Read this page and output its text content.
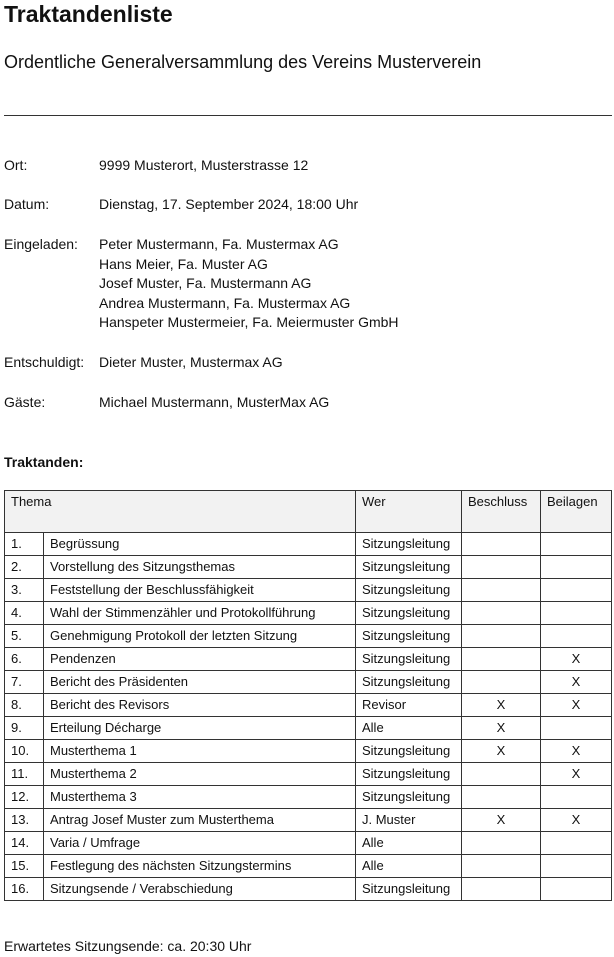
Traktandenliste
Ordentliche Generalversammlung des Vereins Musterverein
Ort:	9999 Musterort, Musterstrasse 12
Datum:	Dienstag, 17. September 2024, 18:00 Uhr
Eingeladen: Peter Mustermann, Fa. Mustermax AG
Hans Meier, Fa. Muster AG
Josef Muster, Fa. Mustermann AG
Andrea Mustermann, Fa. Mustermax AG
Hanspeter Mustermeier, Fa. Meiermuster GmbH
Entschuldigt: Dieter Muster, Mustermax AG
Gäste:	Michael Mustermann, MusterMax AG
Traktanden:
Thema		Wer	Beschluss	Beilagen
1.	Begrüssung	Sitzungsleitung		
2.	Vorstellung des Sitzungsthemas	Sitzungsleitung		
3.	Feststellung der Beschlussfähigkeit	Sitzungsleitung		
4.	Wahl der Stimmenzähler und Protokollführung	Sitzungsleitung		
5.	Genehmigung Protokoll der letzten Sitzung	Sitzungsleitung		
6.	Pendenzen	Sitzungsleitung		X
7.	Bericht des Präsidenten	Sitzungsleitung		X
8.	Bericht des Revisors	Revisor	X	X
9.	Erteilung Décharge	Alle	X	
10.	Musterthema 1	Sitzungsleitung	X	X
11.	Musterthema 2	Sitzungsleitung		X
12.	Musterthema 3	Sitzungsleitung		
13.	Antrag Josef Muster zum Musterthema	J. Muster	X	X
14.	Varia / Umfrage	Alle		
15.	Festlegung des nächsten Sitzungstermins	Alle		
16.	Sitzungsende / Verabschiedung	Sitzungsleitung		
Erwartetes Sitzungsende: ca. 20:30 Uhr
